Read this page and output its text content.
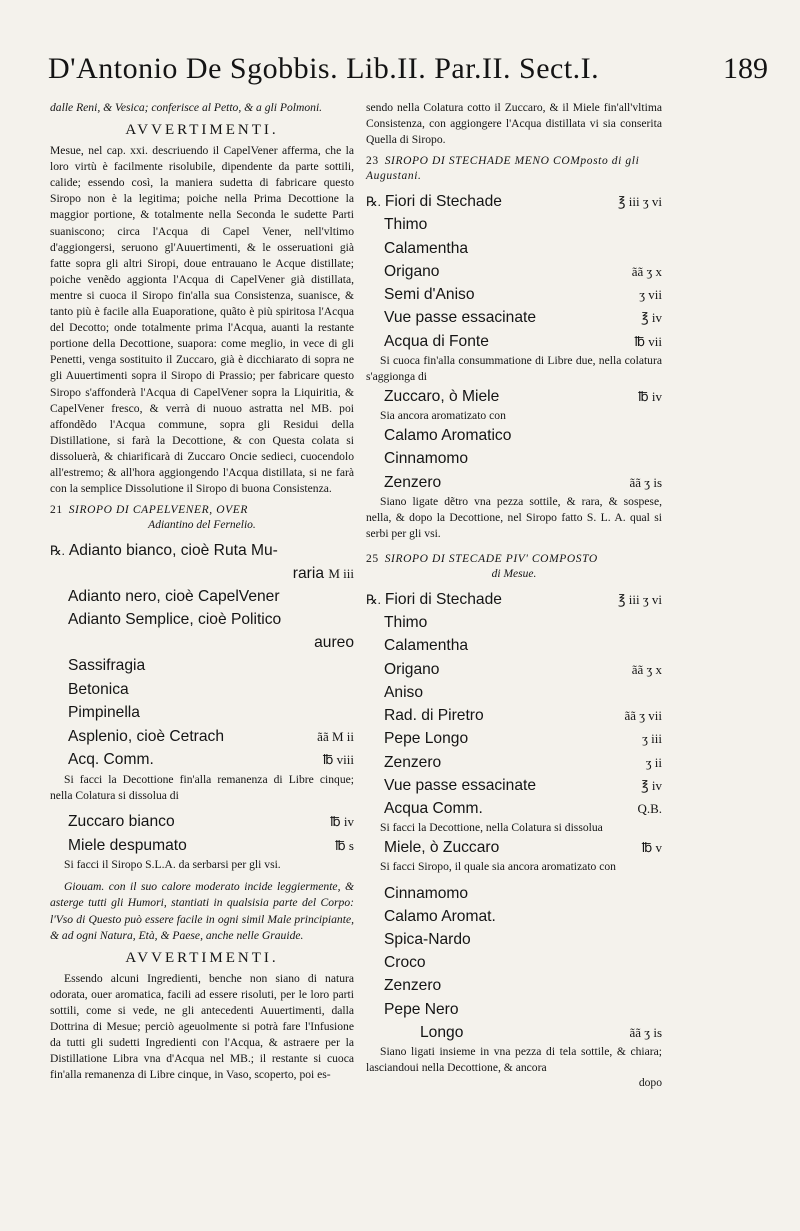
D'Antonio De Sgobbis. Lib.II. Par.II. Sect.I.	189

dalle Reni, & Vesica; conferisce al Petto, & a gli Polmoni.

AVVERTIMENTI.

Mesue, nel cap. xxi. descriuendo il CapelVener afferma, che la loro virtù è facilmente risolubile, dipendente da parte sottili, calide; essendo così, la maniera sudetta di fabricare questo Siropo non è la legitima; poiche nella Prima Decottione la maggior portione, & totalmente nella Seconda le sudette Parti suaniscono; circa l'Acqua di Capel Vener, nell'vltimo d'aggiongersi, seruono gl'Auuertimenti, & le osseruationi già fatte sopra gli altri Siropi, doue entrauano le Acque distillate; poiche venẽdo aggionta l'Acqua di CapelVener già distillata, mentre si cuoca il Siropo fin'alla sua Consistenza, suanisce, & tanto più è facile alla Euaporatione, quãto è più spiritosa l'Acqua del Decotto; onde totalmente prima l'Acqua, auanti la restante portione della Decottione, suapora: come meglio, in vece di gli Penetti, venga sostituito il Zuccaro, già è dicchiarato di sopra ne gli Auuertimenti sopra il Siropo di Prassio; per fabricare questo Siropo s'affonderà l'Acqua di CapelVener sopra la Liquiritia, & CapelVener fresco, & verrà di nuouo astratta nel MB. poi affondẽdo l'Acqua commune, sopra gli Residui della Distillatione, si farà la Decottione, & con Questa colata si dissoluerà, & chiarificarà di Zuccaro Oncie sedieci, cuocendolo all'estremo; & all'hora aggiongendo l'Acqua distillata, si ne farà con la semplice Dissolutione il Siropo di buona Consistenza.

21 SIROPO DI CAPELVENER, OVER
Adiantino del Fernelio.
℞. Adianto bianco, cioè Ruta Mu-
raria M iii
Adianto nero, cioè CapelVener
Adianto Semplice, cioè Politico
aureo
Sassifragia
Betonica
Pimpinella
Asplenio, cioè Cetrach	ãã M ii
Acq. Comm.	℔ viii

Si facci la Decottione fin'alla remanenza di Libre cinque; nella Colatura si dissolua di

Zuccaro bianco	℔ iv
Miele despumato	℔ s

Si facci il Siropo S.L.A. da serbarsi per gli vsi.

Giouam. con il suo calore moderato incide leggiermente, & asterge tutti gli Humori, stantiati in qualsisia parte del Corpo: l'Vso di Questo può essere facile in ogni simil Male principiante, & ad ogni Natura, Età, & Paese, anche nelle Grauide.

AVVERTIMENTI.

Essendo alcuni Ingredienti, benche non siano di natura odorata, ouer aromatica, facili ad essere risoluti, per le loro parti sottili, come si vede, ne gli antecedenti Auuertimenti, dalla Dottrina di Mesue; perciò ageuolmente si potrà fare l'Infusione da tutti gli sudetti Ingredienti con l'Acqua, & astraere per la Distillatione Libra vna d'Acqua nel MB.; il restante si cuoca fin'alla remanenza di Libre cinque, in Vaso, scoperto, poi es-

sendo nella Colatura cotto il Zuccaro, & il Miele fin'all'vltima Consistenza, con aggiongere l'Acqua distillata vi sia conserita Quella di Siropo.

23 SIROPO DI STECHADE MENO COMposto di gli Augustani.
℞. Fiori di Stechade	℥ iii ʒ vi
Thimo
Calamentha
Origano	ãã ʒ x
Semi d'Aniso	ʒ vii
Vue passe essacinate	℥ iv
Acqua di Fonte	℔ vii

Si cuoca fin'alla consummatione di Libre due, nella colatura s'aggionga di

Zuccaro, ò Miele	℔ iv

Sia ancora aromatizato con

Calamo Aromatico
Cinnamomo
Zenzero	ãã ʒ is

Siano ligate dẽtro vna pezza sottile, & rara, & sospese, nella, & dopo la Decottione, nel Siropo fatto S. L. A. qual si serbi per gli vsi.

25 SIROPO DI STECADE PIV' COMPOSTO
di Mesue.
℞. Fiori di Stechade	℥ iii ʒ vi
Thimo
Calamentha
Origano	ãã ʒ x
Aniso
Rad. di Piretro	ãã ʒ vii
Pepe Longo	ʒ iii
Zenzero	ʒ ii
Vue passe essacinate	℥ iv
Acqua Comm.	Q.B.

Si facci la Decottione, nella Colatura si dissolua

Miele, ò Zuccaro	℔ v

Si facci Siropo, il quale sia ancora aromatizato con

Cinnamomo
Calamo Aromat.
Spica-Nardo
Croco
Zenzero
Pepe Nero
Longo	ãã ʒ is

Siano ligati insieme in vna pezza di tela sottile, & chiara; lasciandoui nella Decottione, & ancora

dopo
